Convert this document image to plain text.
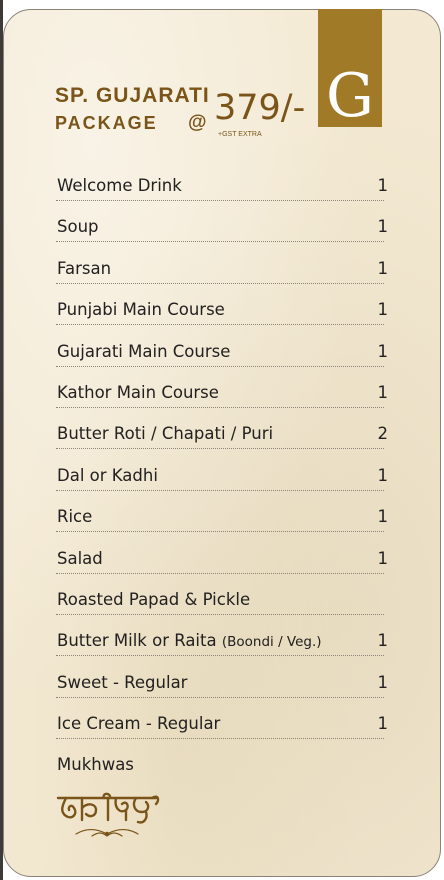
G
SP. GUJARATI
PACKAGE @ 379/-
+GST EXTRA
Welcome Drink	1
Soup	1
Farsan	1
Punjabi Main Course	1
Gujarati Main Course	1
Kathor Main Course	1
Butter Roti / Chapati / Puri	2
Dal or Kadhi	1
Rice	1
Salad	1
Roasted Papad & Pickle
Butter Milk or Raita (Boondi / Veg.)	1
Sweet - Regular	1
Ice Cream - Regular	1
Mukhwas
